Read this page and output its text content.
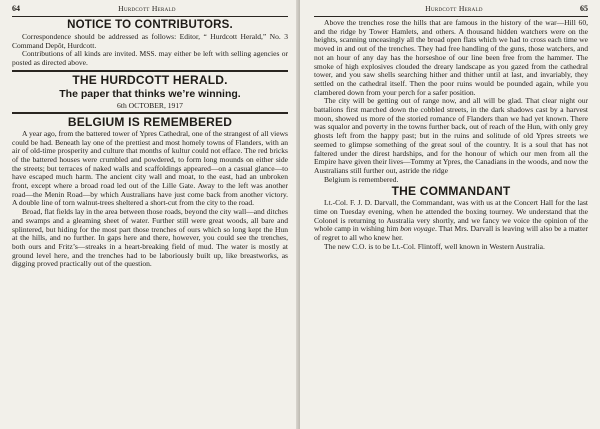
64	Hurdcott Herald
NOTICE TO CONTRIBUTORS.

Correspondence should be addressed as follows: Editor, “ Hurdcott Herald,” No. 3 Command Depôt, Hurdcott.

Contributions of all kinds are invited. MSS. may either be left with selling agencies or posted as directed above.

THE HURDCOTT HERALD.
The paper that thinks we’re winning.
6th OCTOBER, 1917
BELGIUM IS REMEMBERED

A year ago, from the battered tower of Ypres Cathedral, one of the strangest of all views could be had. Beneath lay one of the prettiest and most homely towns of Flanders, with an air of old-time prosperity and culture that months of kultur could not efface. The red bricks of the battered houses were crumbled and powdered, to form long mounds on either side the streets; but terraces of naked walls and scaffoldings appeared—on a casual glance—to have escaped much harm. The ancient city wall and moat, to the east, had an unbroken front, except where a broad road led out of the Lille Gate. Away to the left was another road—the Menin Road—by which Australians have just come back from another victory. A double line of torn walnut-trees sheltered a short-cut from the city to the road.

Broad, flat fields lay in the area between those roads, beyond the city wall—and ditches and swamps and a gleaming sheet of water. Further still were great woods, all bare and splintered, but hiding for the most part those trenches of ours which so long kept the Hun at the hills, and no further. In gaps here and there, however, you could see the trenches, both ours and Fritz’s—streaks in a heart-breaking field of mud. The water is mostly at ground level here, and the trenches had to be laboriously built up, like breastworks, as digging proved practically out of the question.

Hurdcott Herald	65

Above the trenches rose the hills that are famous in the history of the war—Hill 60, and the ridge by Tower Hamlets, and others. A thousand hidden watchers were on the heights, scanning unceasingly all the broad open flats which we had to cross each time we moved in and out of the trenches. They had free handling of the guns, those watchers, and not an hour of any day has the horseshoe of our line been free from the hammer. The smoke of high explosives clouded the dreary landscape as you gazed from the cathedral tower, and you saw shells searching hither and thither until at last, and invariably, they settled on the cathedral itself. Then the poor ruins would be pounded again, while you clambered down from your perch for a safer position.

The city will be getting out of range now, and all will be glad. That clear night our battalions first marched down the cobbled streets, in the dark shadows cast by a harvest moon, showed us more of the storied romance of Flanders than we had yet known. There was squalor and poverty in the towns further back, out of reach of the Hun, with only grey ghosts left from the happy past; but in the ruins and solitude of old Ypres streets we seemed to glimpse something of the great soul of the country. It is a soul that has not faltered under the direst hardships, and for the honour of which our men from all the Empire have given their lives—Tommy at Ypres, the Canadians in the woods, and now the Australians still further out, astride the ridge

Belgium is remembered.

THE COMMANDANT

Lt.-Col. F. J. D. Darvall, the Commandant, was with us at the Concert Hall for the last time on Tuesday evening, when he attended the boxing tourney. We understand that the Colonel is returning to Australia very shortly, and we fancy we voice the opinion of the whole camp in wishing him bon voyage. That Mrs. Darvall is leaving will also be a matter of regret to all who knew her.

The new C.O. is to be Lt.-Col. Flintoff, well known in Western Australia.
